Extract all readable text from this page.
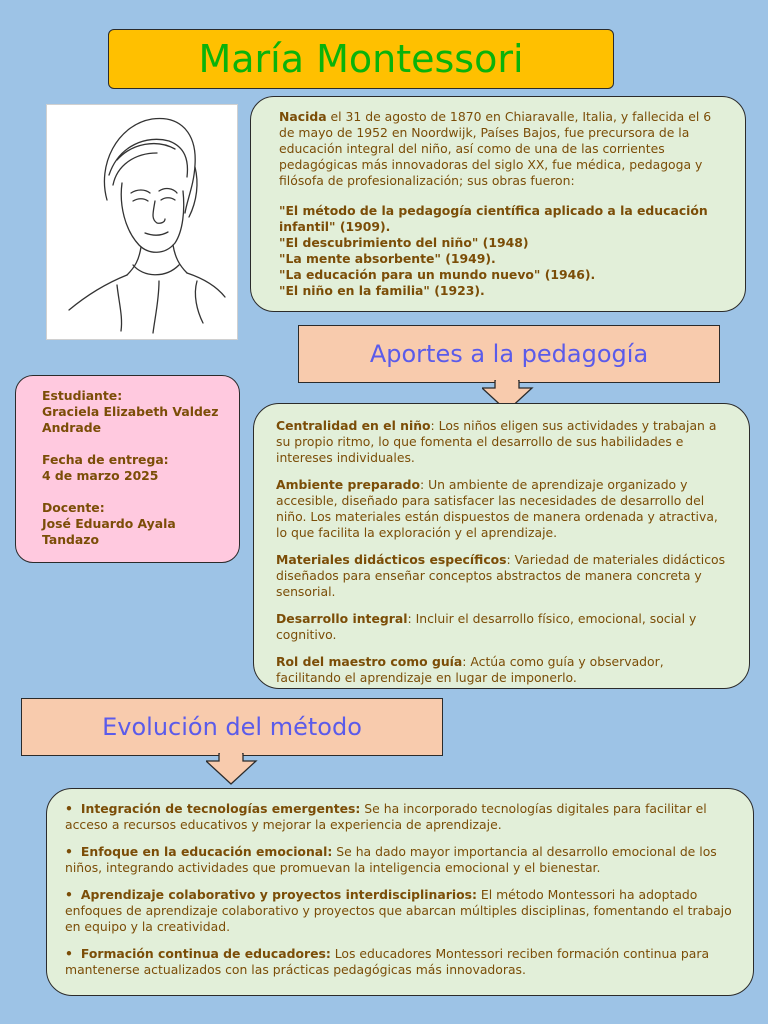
María Montessori

Nacida el 31 de agosto de 1870 en Chiaravalle, Italia, y fallecida el 6 de mayo de 1952 en Noordwijk, Países Bajos, fue precursora de la educación integral del niño, así como de una de las corrientes pedagógicas más innovadoras del siglo XX, fue médica, pedagoga y filósofa de profesionalización; sus obras fueron:

"El método de la pedagogía científica aplicado a la educación infantil" (1909).
"El descubrimiento del niño" (1948)
"La mente absorbente" (1949).
"La educación para un mundo nuevo" (1946).
"El niño en la familia" (1923).
Aportes a la pedagogía
Estudiante:
Graciela Elizabeth Valdez Andrade
Fecha de entrega:
4 de marzo 2025
Docente:
José Eduardo Ayala Tandazo

Centralidad en el niño: Los niños eligen sus actividades y trabajan a su propio ritmo, lo que fomenta el desarrollo de sus habilidades e intereses individuales.

Ambiente preparado: Un ambiente de aprendizaje organizado y accesible, diseñado para satisfacer las necesidades de desarrollo del niño. Los materiales están dispuestos de manera ordenada y atractiva, lo que facilita la exploración y el aprendizaje.

Materiales didácticos específicos: Variedad de materiales didácticos diseñados para enseñar conceptos abstractos de manera concreta y sensorial.

Desarrollo integral: Incluir el desarrollo físico, emocional, social y cognitivo.

Rol del maestro como guía: Actúa como guía y observador, facilitando el aprendizaje en lugar de imponerlo.

Evolución del método

• Integración de tecnologías emergentes: Se ha incorporado tecnologías digitales para facilitar el acceso a recursos educativos y mejorar la experiencia de aprendizaje.

• Enfoque en la educación emocional: Se ha dado mayor importancia al desarrollo emocional de los niños, integrando actividades que promuevan la inteligencia emocional y el bienestar.

• Aprendizaje colaborativo y proyectos interdisciplinarios: El método Montessori ha adoptado enfoques de aprendizaje colaborativo y proyectos que abarcan múltiples disciplinas, fomentando el trabajo en equipo y la creatividad.

• Formación continua de educadores: Los educadores Montessori reciben formación continua para mantenerse actualizados con las prácticas pedagógicas más innovadoras.
